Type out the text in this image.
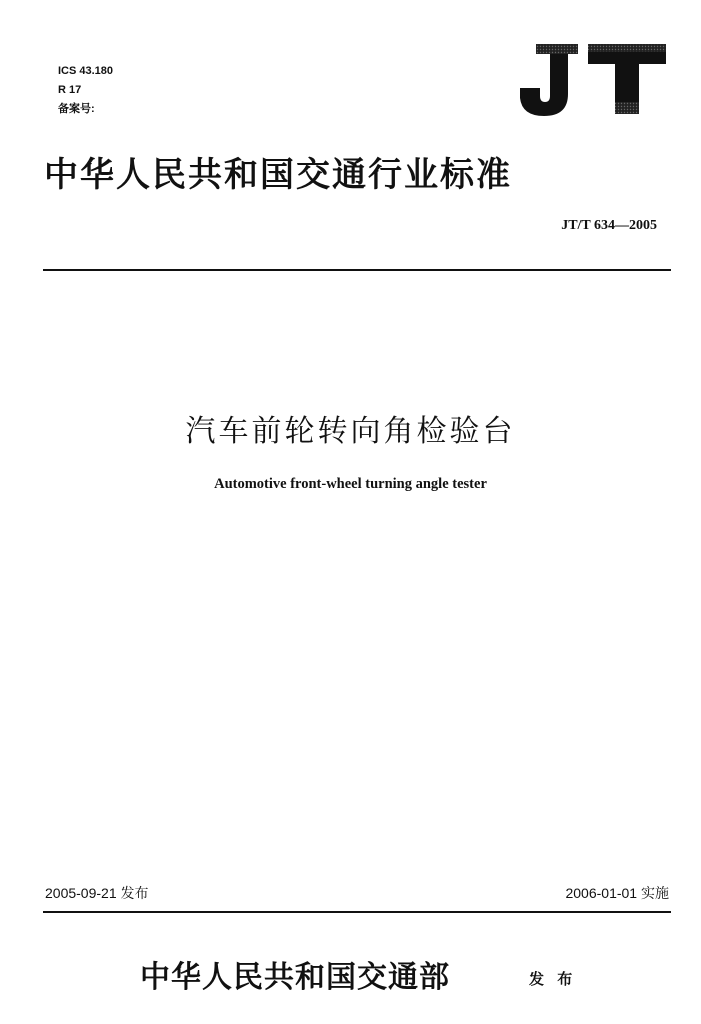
ICS 43.180
R 17
备案号:
中华人民共和国交通行业标准
JT/T 634—2005
汽车前轮转向角检验台
Automotive front-wheel turning angle tester
2005-09-21 发布	2006-01-01 实施
中华人民共和国交通部	发 布
